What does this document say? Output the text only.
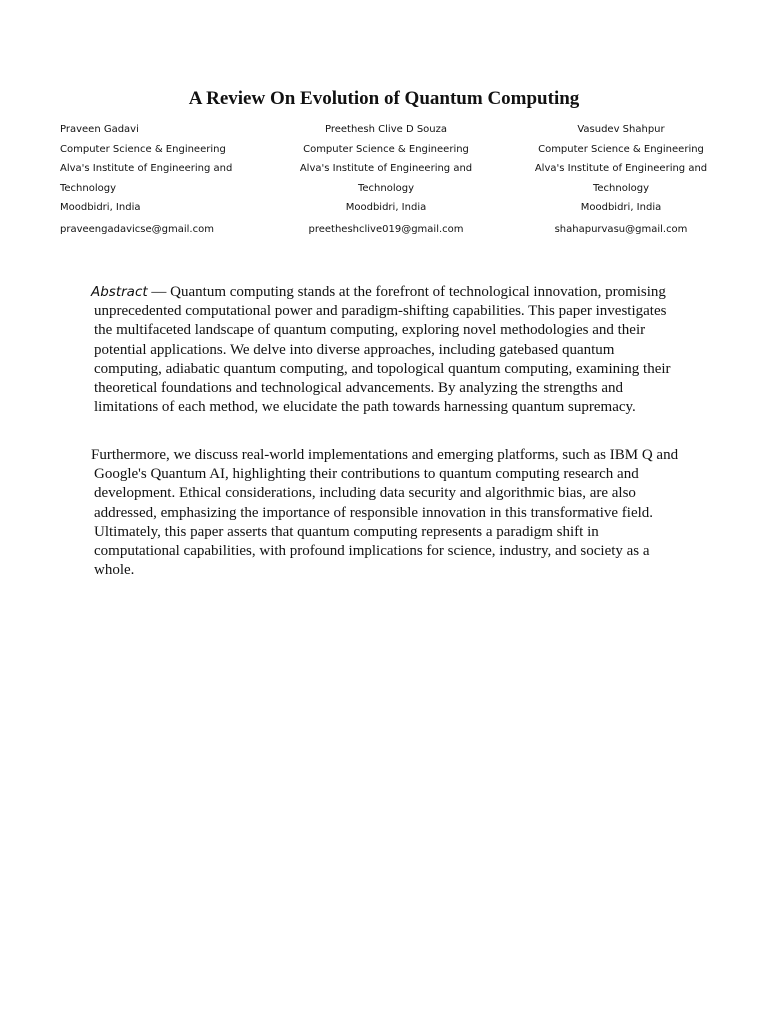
A Review On Evolution of Quantum Computing
Praveen Gadavi
Computer Science & Engineering
Alva's Institute of Engineering and
Technology
Moodbidri, India
praveengadavicse@gmail.com
Preethesh Clive D Souza
Computer Science & Engineering
Alva's Institute of Engineering and
Technology
Moodbidri, India
preetheshclive019@gmail.com
Vasudev Shahpur
Computer Science & Engineering
Alva's Institute of Engineering and
Technology
Moodbidri, India
shahapurvasu@gmail.com

Abstract — Quantum computing stands at the forefront of technological innovation, promising unprecedented computational power and paradigm-shifting capabilities. This paper investigates the multifaceted landscape of quantum computing, exploring novel methodologies and their potential applications. We delve into diverse approaches, including gatebased quantum computing, adiabatic quantum computing, and topological quantum computing, examining their theoretical foundations and technological advancements. By analyzing the strengths and limitations of each method, we elucidate the path towards harnessing quantum supremacy.

Furthermore, we discuss real-world implementations and emerging platforms, such as IBM Q and Google's Quantum AI, highlighting their contributions to quantum computing research and development. Ethical considerations, including data security and algorithmic bias, are also addressed, emphasizing the importance of responsible innovation in this transformative field. Ultimately, this paper asserts that quantum computing represents a paradigm shift in computational capabilities, with profound implications for science, industry, and society as a whole.
